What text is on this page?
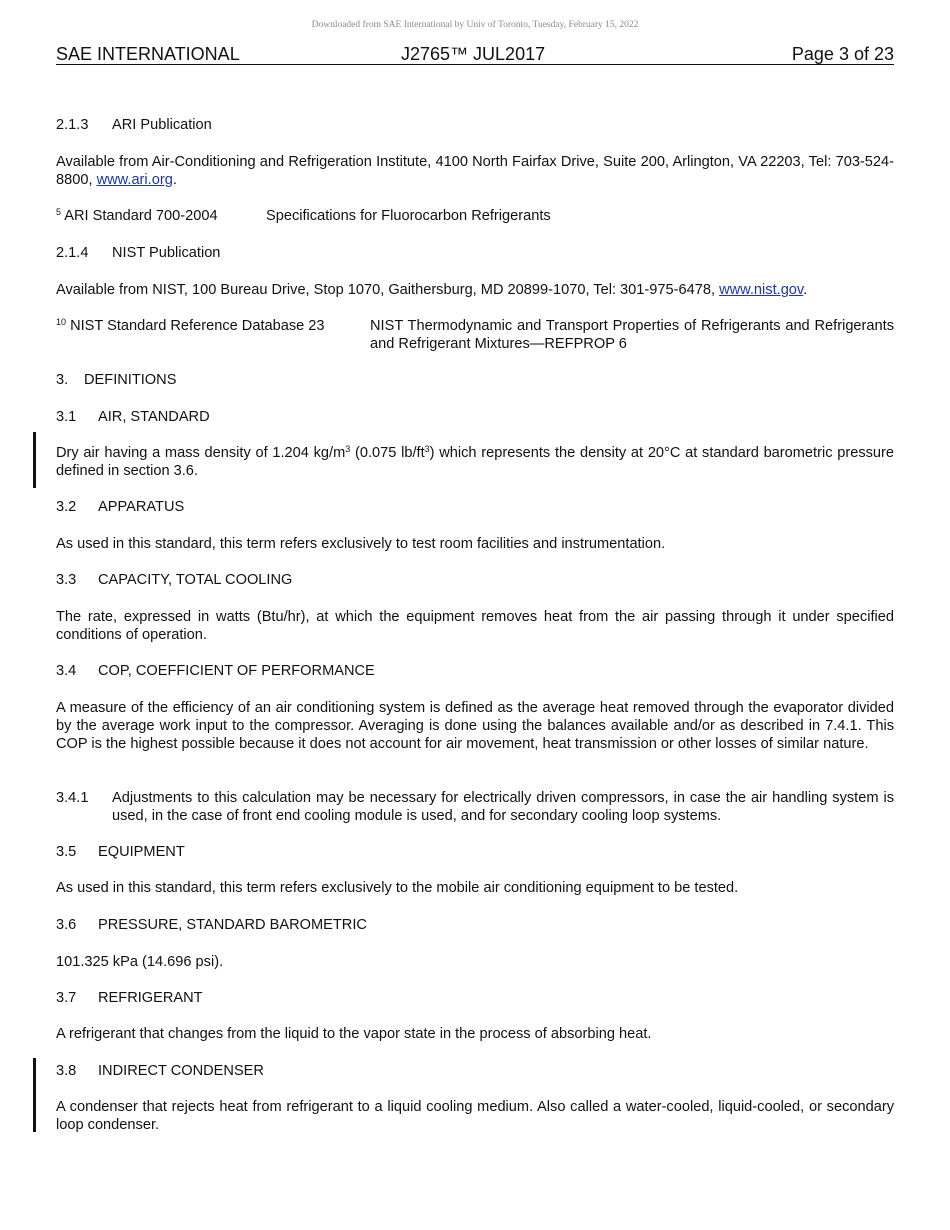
Downloaded from SAE International by Univ of Toronto, Tuesday, February 15, 2022
SAE INTERNATIONAL	J2765™ JUL2017	Page 3 of 23
2.1.3 ARI Publication
Available from Air-Conditioning and Refrigeration Institute, 4100 North Fairfax Drive, Suite 200, Arlington, VA 22203, Tel: 703-524-8800, www.ari.org.
$^5$ ARI Standard 700-2004	Specifications for Fluorocarbon Refrigerants
2.1.4 NIST Publication
Available from NIST, 100 Bureau Drive, Stop 1070, Gaithersburg, MD 20899-1070, Tel: 301-975-6478, www.nist.gov.
$^{10}$ NIST Standard Reference Database 23	NIST Thermodynamic and Transport Properties of Refrigerants and Refrigerants and Refrigerant Mixtures—REFPROP 6
3. DEFINITIONS
3.1 AIR, STANDARD
Dry air having a mass density of 1.204 $kg/m^3$ (0.075 $lb/ft^3$) which represents the density at 20°C at standard barometric pressure defined in section 3.6.
3.2 APPARATUS
As used in this standard, this term refers exclusively to test room facilities and instrumentation.
3.3 CAPACITY, TOTAL COOLING
The rate, expressed in watts (Btu/hr), at which the equipment removes heat from the air passing through it under specified conditions of operation.
3.4 COP, COEFFICIENT OF PERFORMANCE
A measure of the efficiency of an air conditioning system is defined as the average heat removed through the evaporator divided by the average work input to the compressor. Averaging is done using the balances available and/or as described in 7.4.1. This COP is the highest possible because it does not account for air movement, heat transmission or other losses of similar nature.
3.4.1	Adjustments to this calculation may be necessary for electrically driven compressors, in case the air handling system is used, in the case of front end cooling module is used, and for secondary cooling loop systems.
3.5 EQUIPMENT
As used in this standard, this term refers exclusively to the mobile air conditioning equipment to be tested.
3.6 PRESSURE, STANDARD BAROMETRIC
101.325 kPa (14.696 psi).
3.7 REFRIGERANT
A refrigerant that changes from the liquid to the vapor state in the process of absorbing heat.
3.8 INDIRECT CONDENSER
A condenser that rejects heat from refrigerant to a liquid cooling medium. Also called a water-cooled, liquid-cooled, or secondary loop condenser.
